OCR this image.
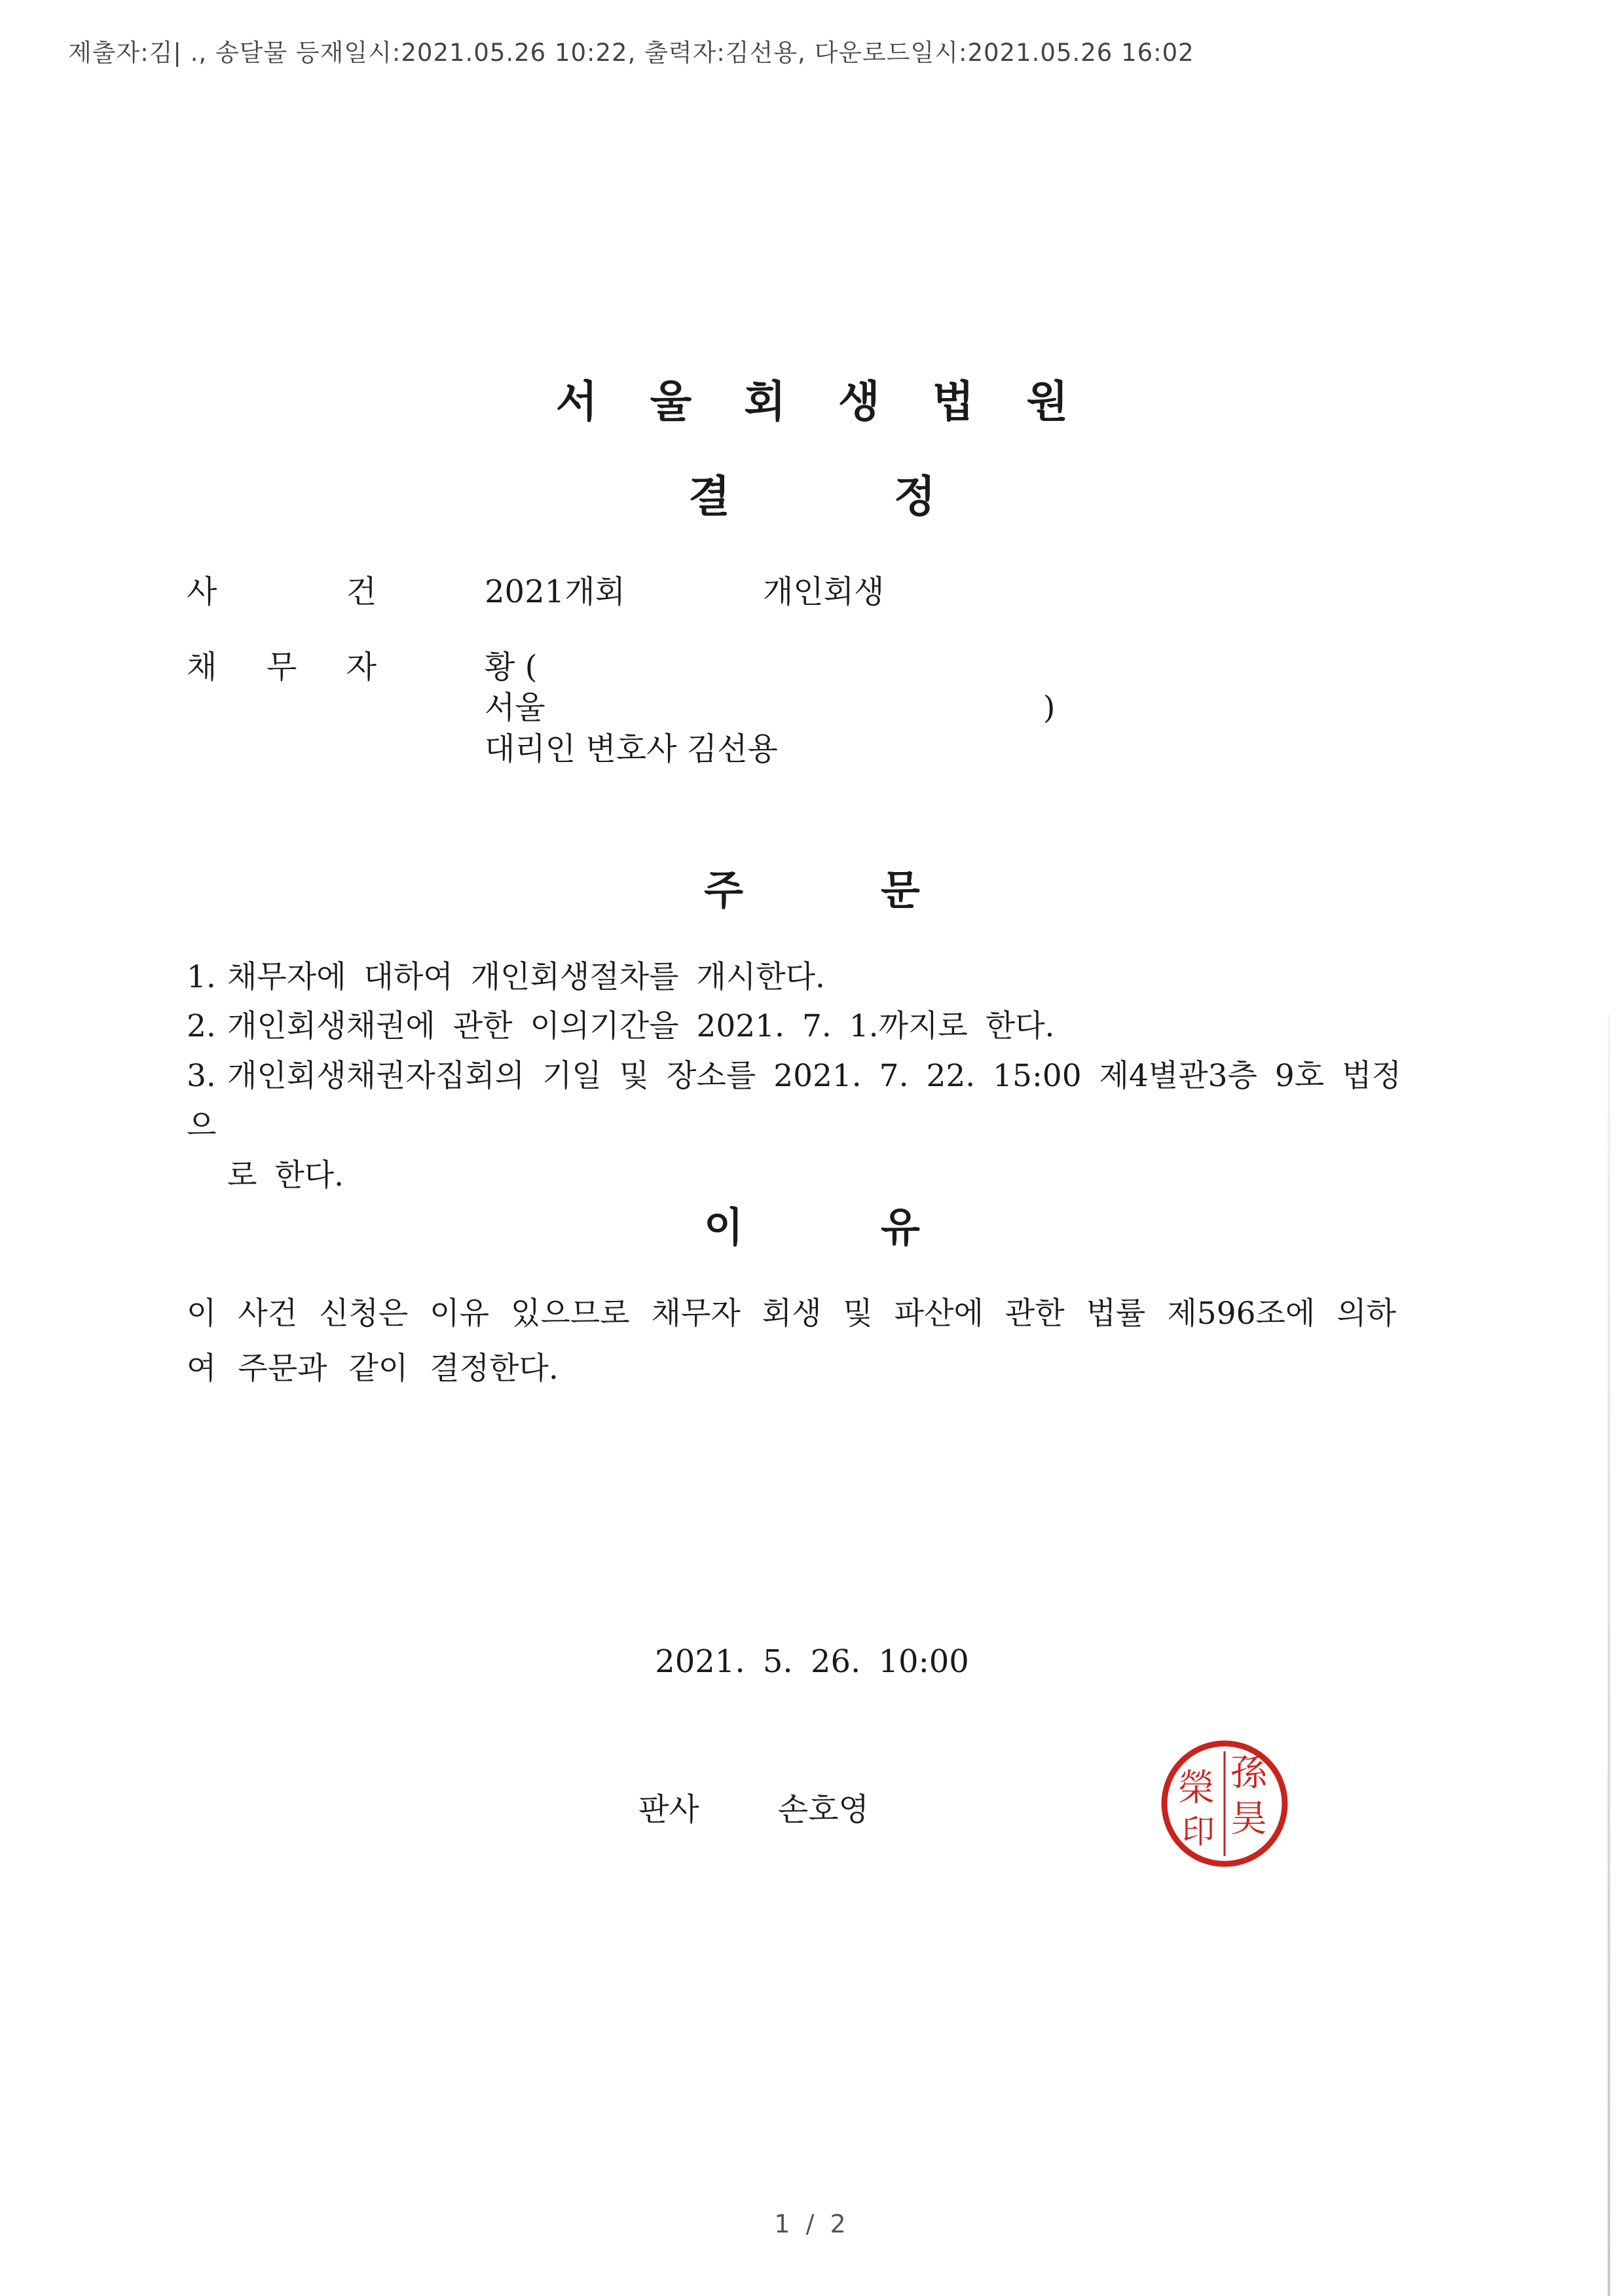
제출자:김| ., 송달물 등재일시:2021.05.26 10:22, 출력자:김선용, 다운로드일시:2021.05.26 16:02
서울회생법원
결정
사	건	2021개회	개인회생
채 무 자	황 (
서울	)
대리인 변호사 김선용
주문
1. 채무자에 대하여 개인회생절차를 개시한다.
2. 개인회생채권에 관한 이의기간을 2021. 7. 1.까지로 한다.
3. 개인회생채권자집회의 기일 및 장소를 2021. 7. 22. 15:00 제4별관3층 9호 법정으
로 한다.
이유
이 사건 신청은 이유 있으므로 채무자 회생 및 파산에 관한 법률 제596조에 의하여 주문과 같이 결정한다.
2021. 5. 26. 10:00
판사	손호영
孫 昊 榮 印
1 / 2
